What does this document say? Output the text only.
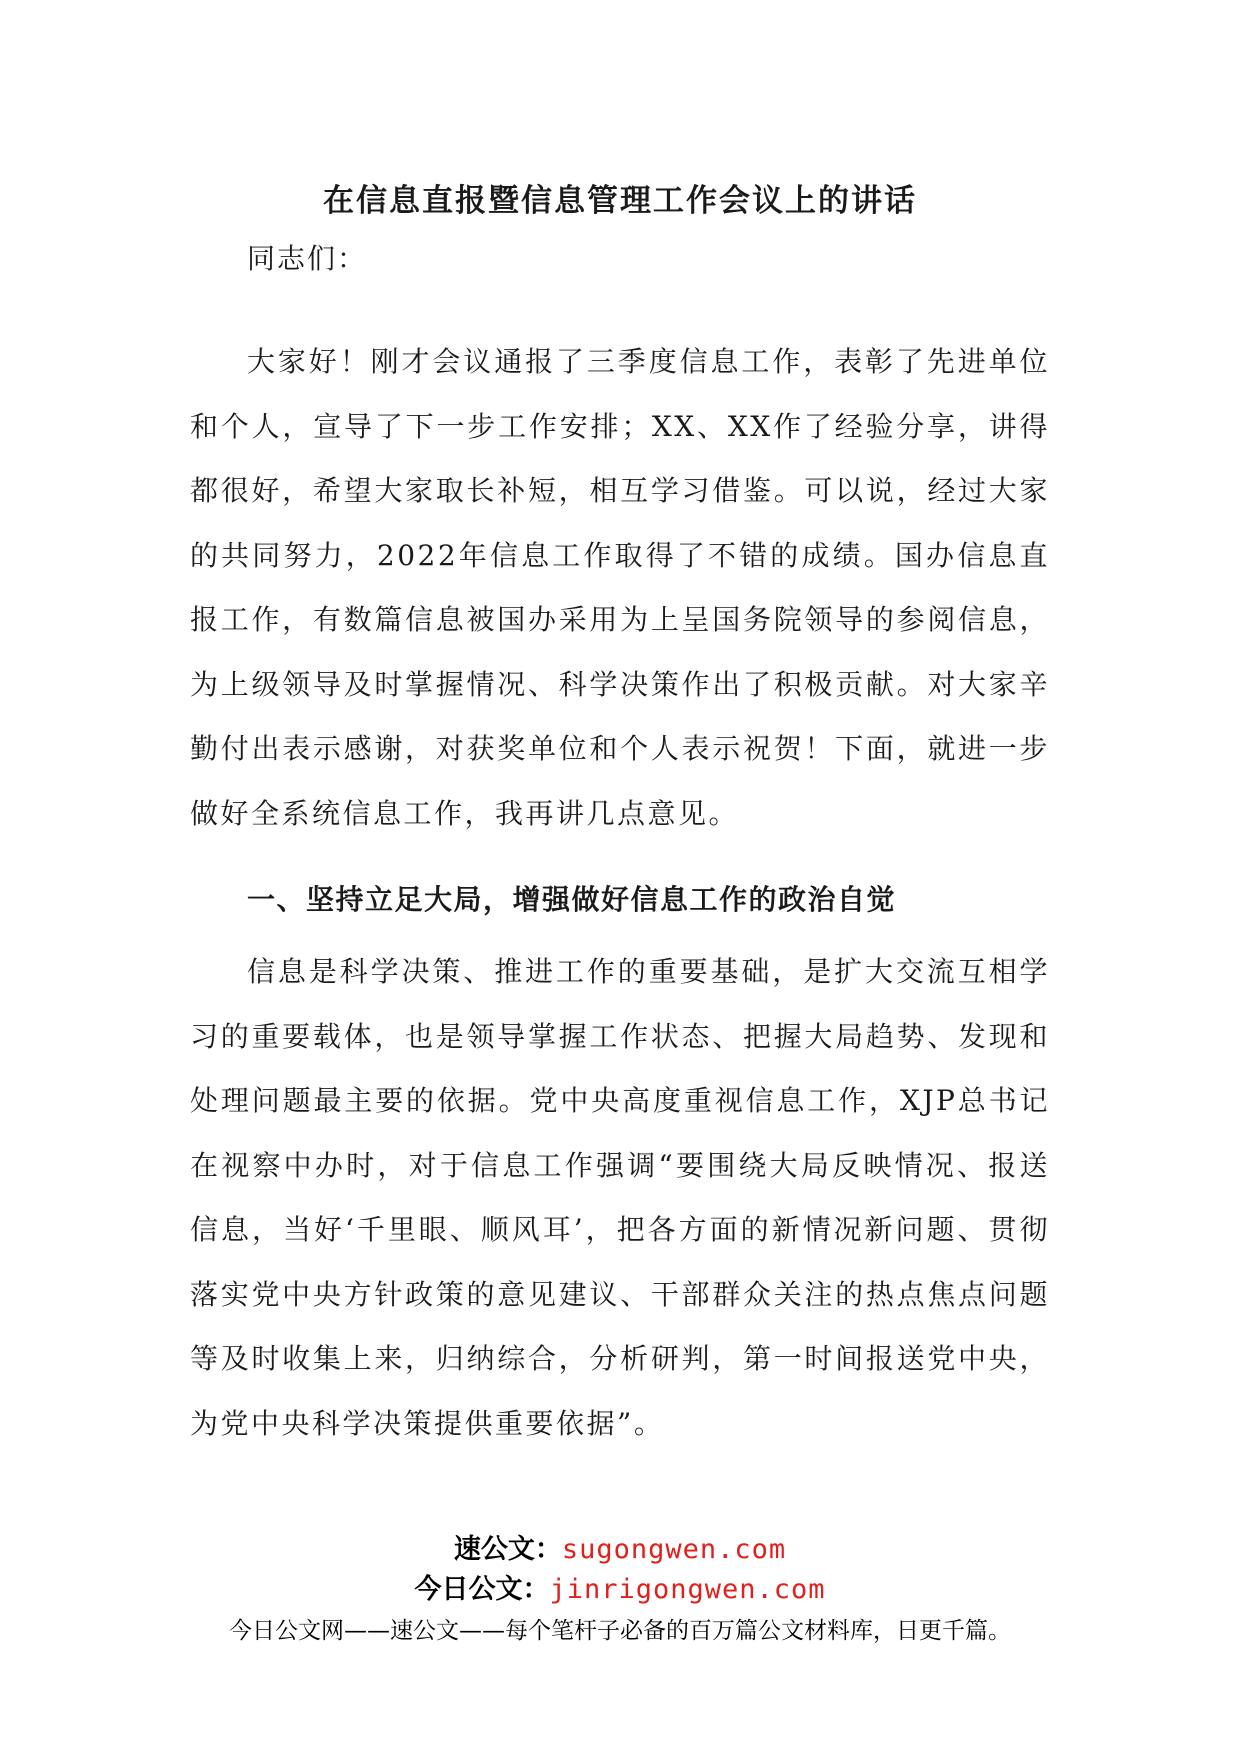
在信息直报暨信息管理工作会议上的讲话
同志们：

大家好！刚才会议通报了三季度信息工作，表彰了先进单位和个人，宣导了下一步工作安排；XX、XX作了经验分享，讲得都很好，希望大家取长补短，相互学习借鉴。可以说，经过大家的共同努力，2022年信息工作取得了不错的成绩。国办信息直报工作，有数篇信息被国办采用为上呈国务院领导的参阅信息，为上级领导及时掌握情况、科学决策作出了积极贡献。对大家辛勤付出表示感谢，对获奖单位和个人表示祝贺！下面，就进一步做好全系统信息工作，我再讲几点意见。

一、坚持立足大局，增强做好信息工作的政治自觉

信息是科学决策、推进工作的重要基础，是扩大交流互相学习的重要载体，也是领导掌握工作状态、把握大局趋势、发现和处理问题最主要的依据。党中央高度重视信息工作，XJP总书记在视察中办时，对于信息工作强调“要围绕大局反映情况、报送信息，当好‘千里眼、顺风耳’，把各方面的新情况新问题、贯彻落实党中央方针政策的意见建议、干部群众关注的热点焦点问题等及时收集上来，归纳综合，分析研判，第一时间报送党中央，为党中央科学决策提供重要依据”。

速公文：sugongwen.com
今日公文：jinrigongwen.com
今日公文网——速公文——每个笔杆子必备的百万篇公文材料库，日更千篇。
